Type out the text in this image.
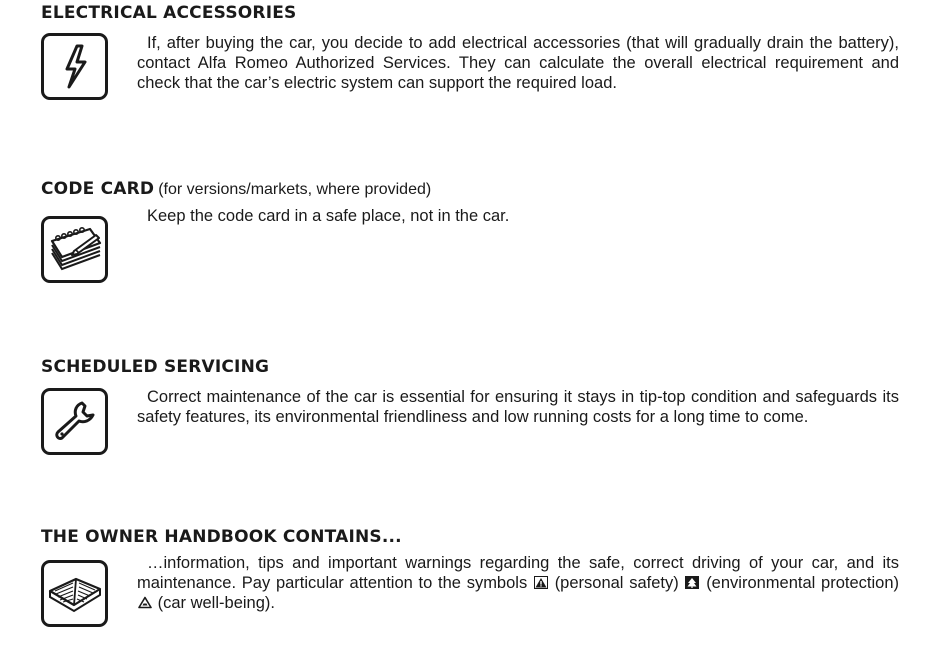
ELECTRICAL ACCESSORIES
If, after buying the car, you decide to add electrical accessories (that will gradually drain the battery), contact Alfa Romeo Authorized Services. They can calculate the overall electrical requirement and check that the car’s electric system can support the required load.
CODE CARD (for versions/markets, where provided)
Keep the code card in a safe place, not in the car.
SCHEDULED SERVICING
Correct maintenance of the car is essential for ensuring it stays in tip-top condition and safeguards its safety features, its environmental friendliness and low running costs for a long time to come.
THE OWNER HANDBOOK CONTAINS...
…information, tips and important warnings regarding the safe, correct driving of your car, and its maintenance. Pay particular attention to the symbols (personal safety) (environmental protection)  (car well-being).
